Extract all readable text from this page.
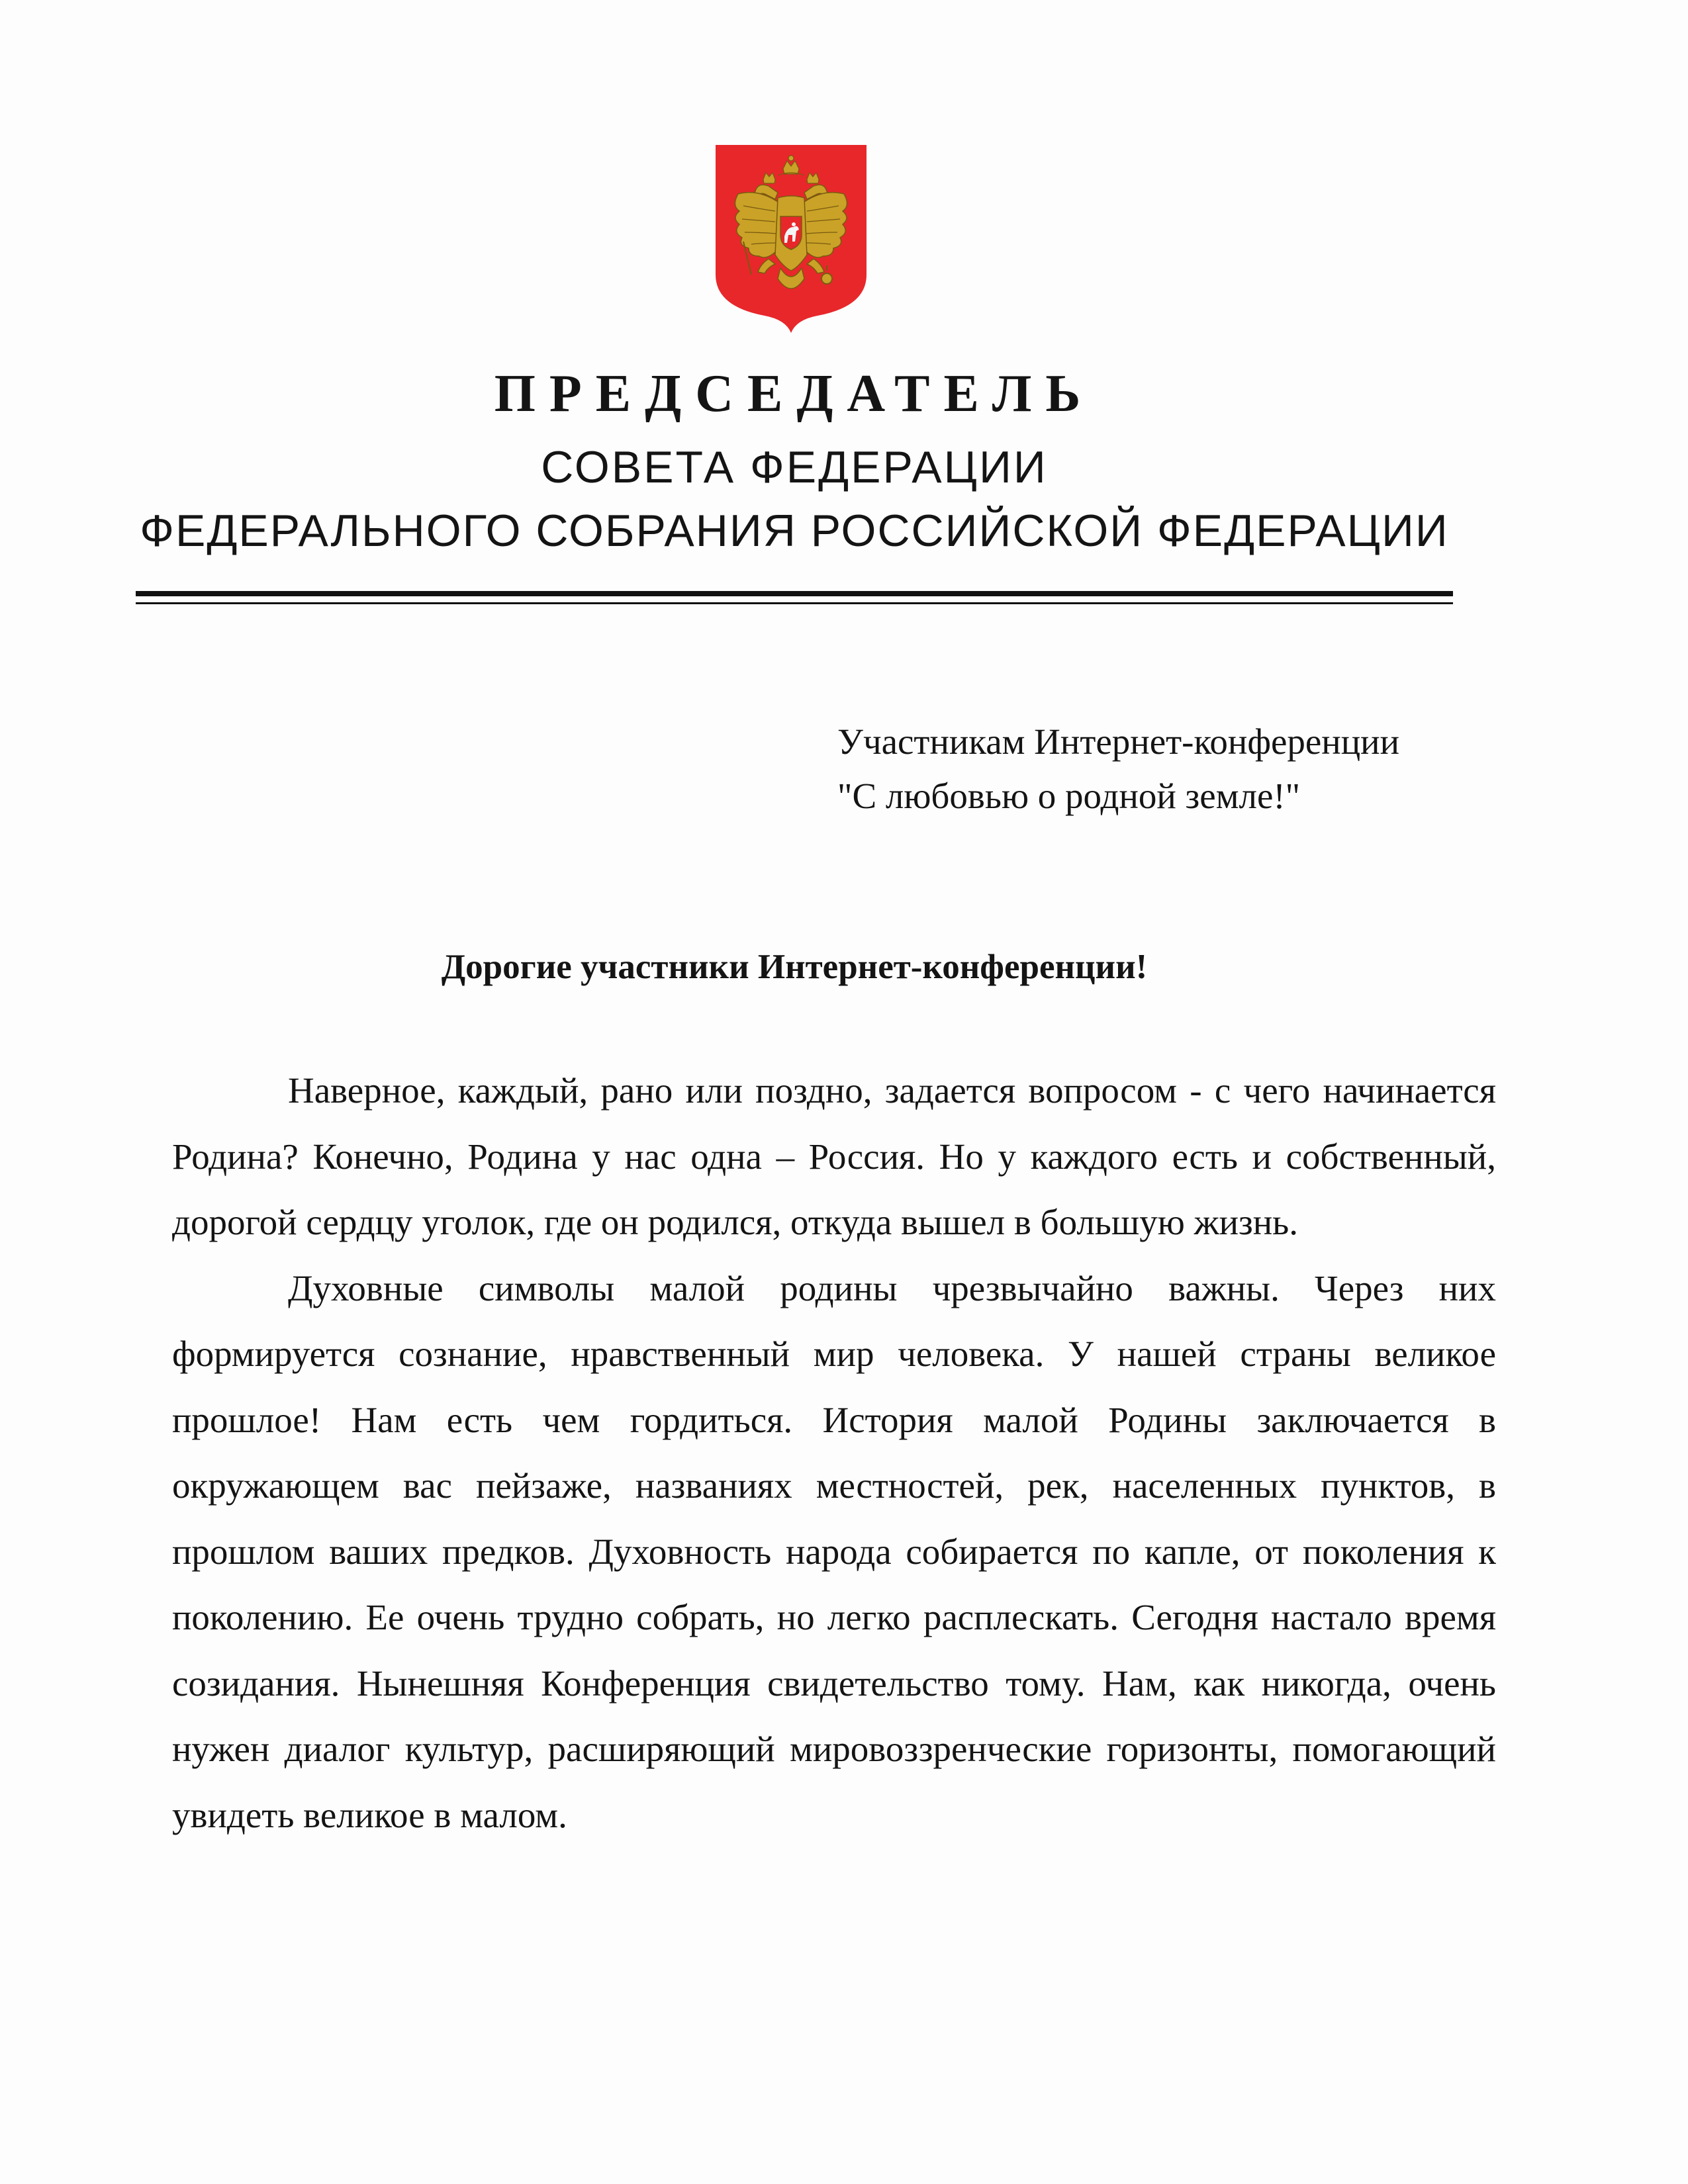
ПРЕДСЕДАТЕЛЬ
СОВЕТА ФЕДЕРАЦИИ
ФЕДЕРАЛЬНОГО СОБРАНИЯ РОССИЙСКОЙ ФЕДЕРАЦИИ
Участникам Интернет-конференции
"С любовью о родной земле!"
Дорогие участники Интернет-конференции!

Наверное, каждый, рано или поздно, задается вопросом - с чего начинается Родина? Конечно, Родина у нас одна – Россия. Но у каждого есть и собственный, дорогой сердцу уголок, где он родился, откуда вышел в большую жизнь.

Духовные символы малой родины чрезвычайно важны. Через них формируется сознание, нравственный мир человека. У нашей страны великое прошлое! Нам есть чем гордиться. История малой Родины заключается в окружающем вас пейзаже, названиях местностей, рек, населенных пунктов, в прошлом ваших предков. Духовность народа собирается по капле, от поколения к поколению. Ее очень трудно собрать, но легко расплескать. Сегодня настало время созидания. Нынешняя Конференция свидетельство тому. Нам, как никогда, очень нужен диалог культур, расширяющий мировоззренческие горизонты, помогающий увидеть великое в малом.
